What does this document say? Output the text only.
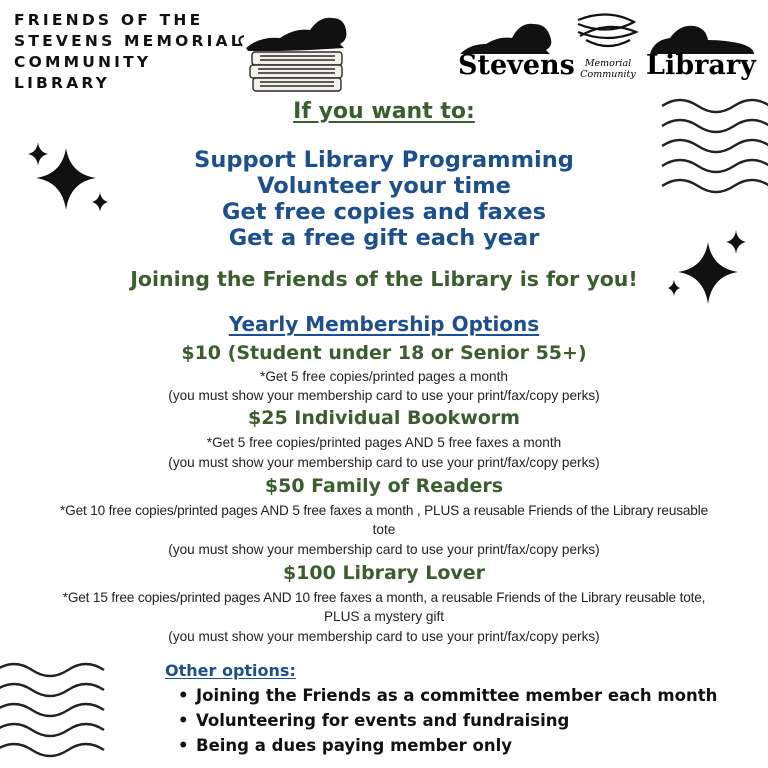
FRIENDS OF THE
STEVENS MEMORIAL
COMMUNITY
LIBRARY

Stevens	Memorial
Community Library
If you want to:
Support Library Programming
Volunteer your time
Get free copies and faxes
Get a free gift each year
Joining the Friends of the Library is for you!
Yearly Membership Options
$10 (Student under 18 or Senior 55+)
*Get 5 free copies/printed pages a month
(you must show your membership card to use your print/fax/copy perks)
$25 Individual Bookworm
*Get 5 free copies/printed pages AND 5 free faxes a month
(you must show your membership card to use your print/fax/copy perks)
$50 Family of Readers
*Get 10 free copies/printed pages AND 5 free faxes a month , PLUS a reusable Friends of the Library reusable
tote
(you must show your membership card to use your print/fax/copy perks)
$100 Library Lover
*Get 15 free copies/printed pages AND 10 free faxes a month, a reusable Friends of the Library reusable tote,
PLUS a mystery gift
(you must show your membership card to use your print/fax/copy perks)
Other options:
• Joining the Friends as a committee member each month
• Volunteering for events and fundraising
• Being a dues paying member only
